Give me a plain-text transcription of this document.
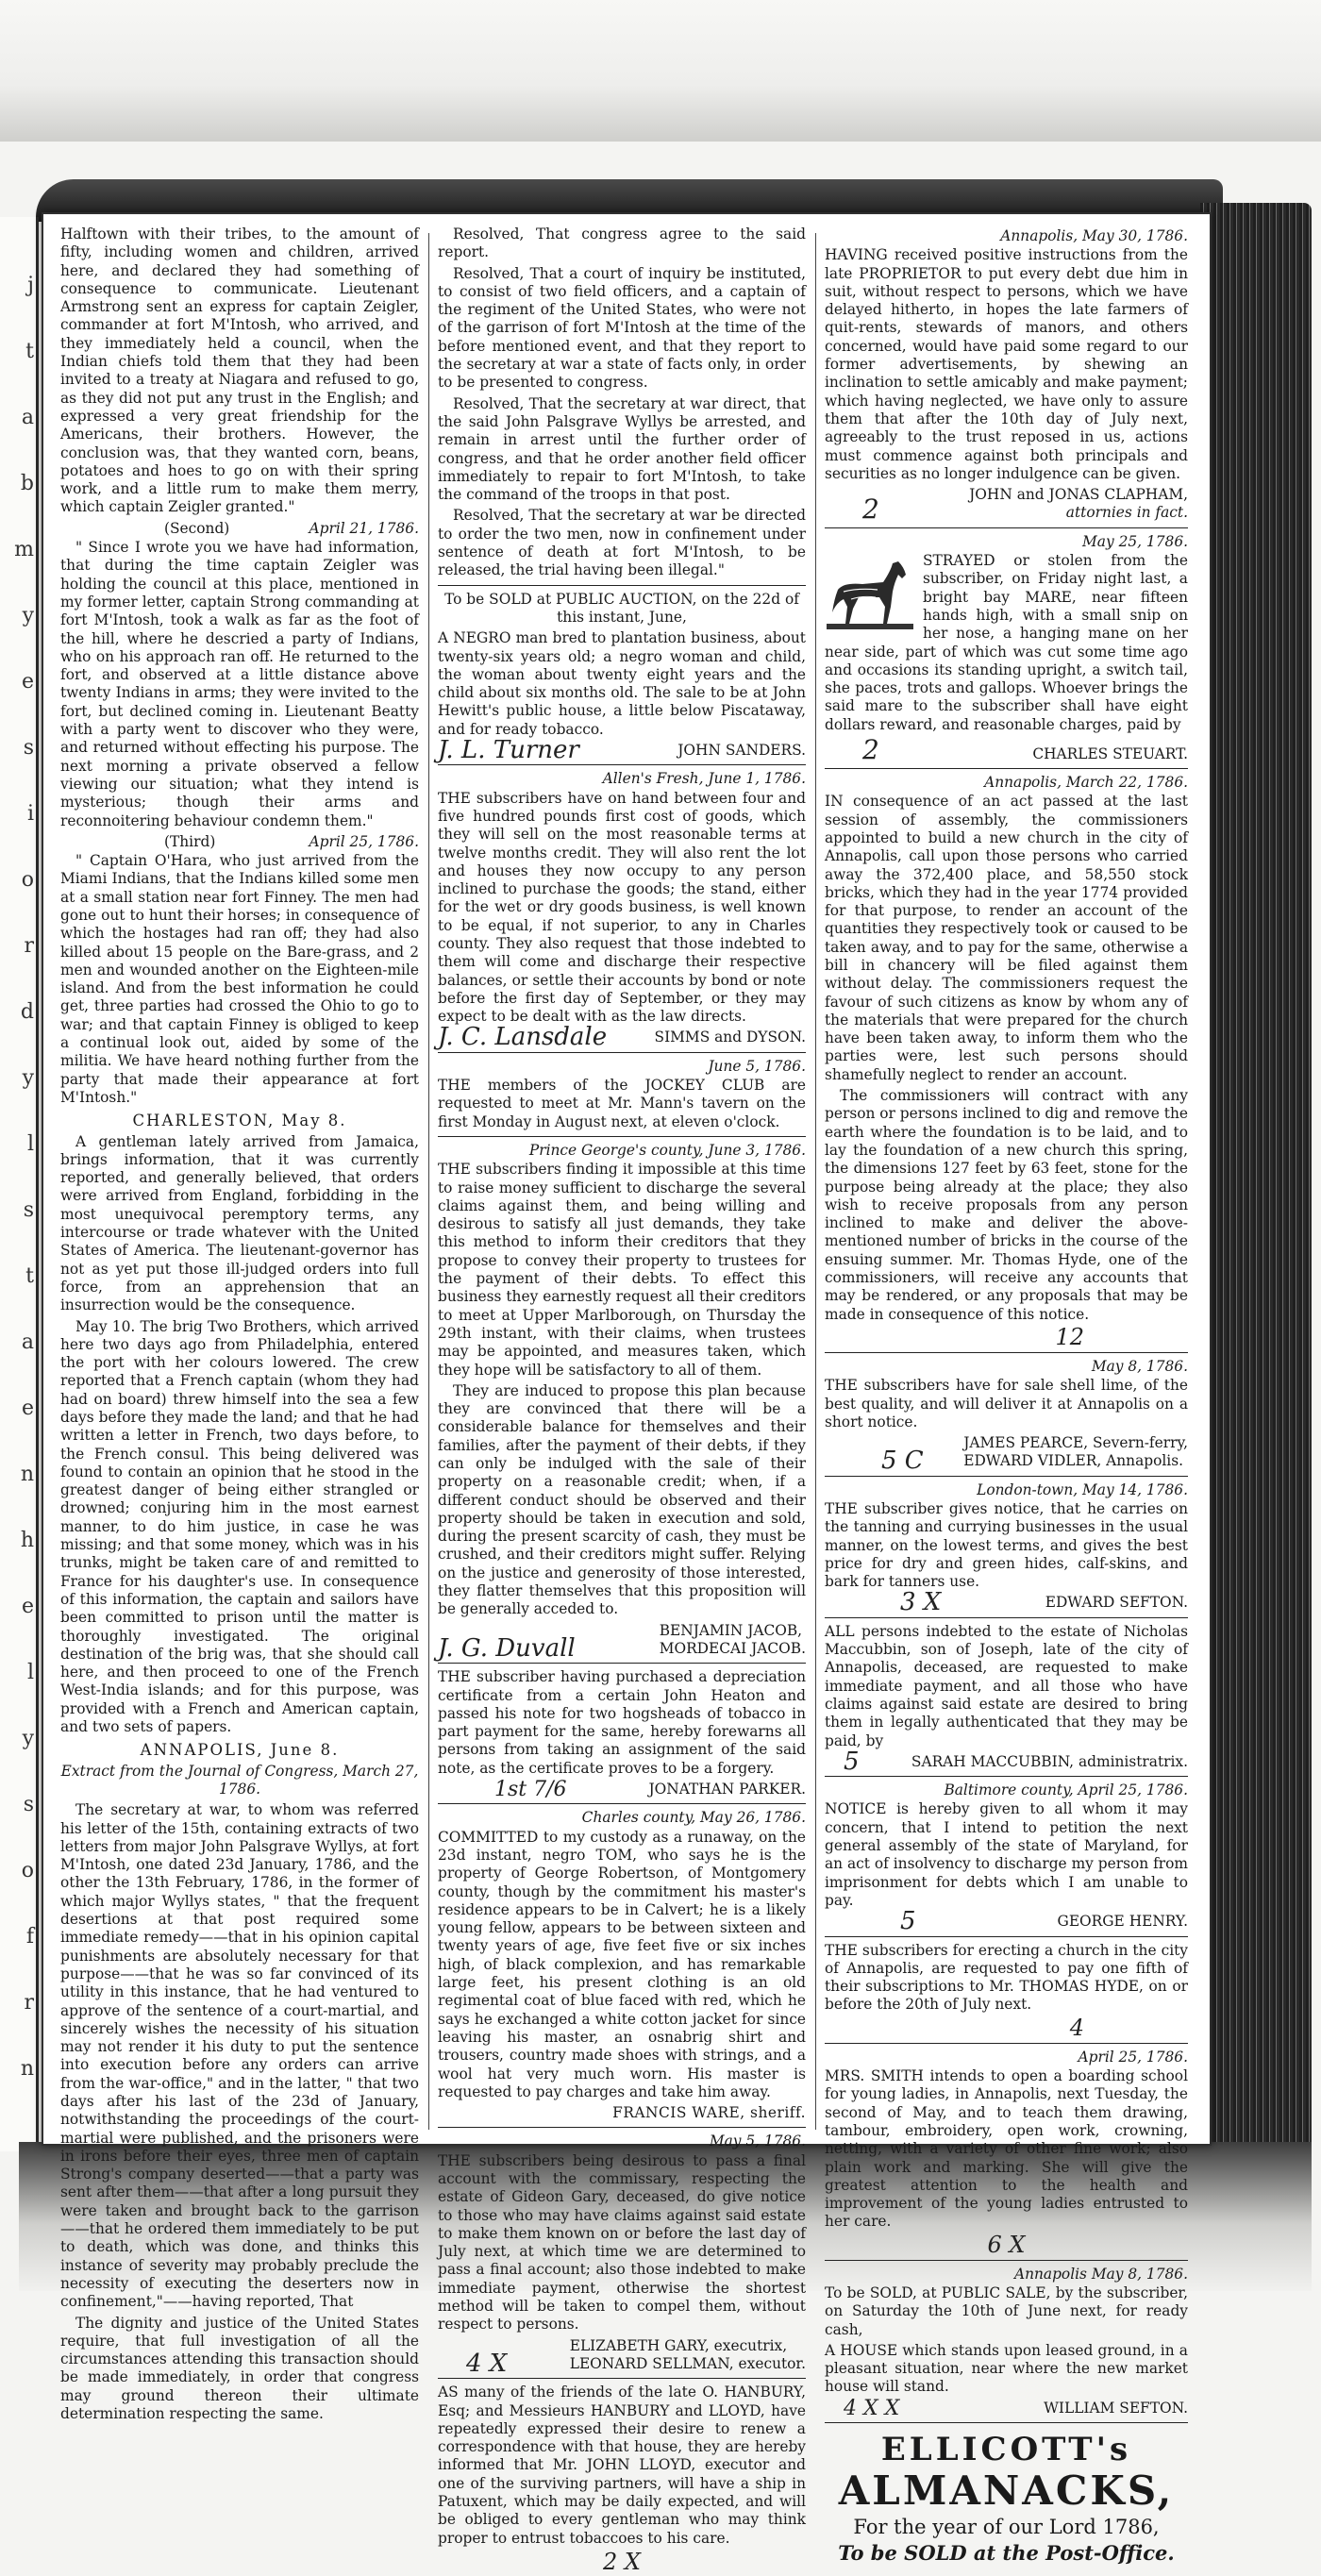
j
t
a
b
m
y
e
s
i
o
r
d
y
l
s
t
a
e
n
h
e
l
y
s
o
f
r
n

Halftown with their tribes, to the amount of fifty, including women and children, arrived here, and declared they had something of consequence to communicate. Lieutenant Armstrong sent an express for captain Zeigler, commander at fort M'Intosh, who arrived, and they immediately held a council, when the Indian chiefs told them that they had been invited to a treaty at Niagara and refused to go, as they did not put any trust in the English; and expressed a very great friendship for the Americans, their brothers. However, the conclusion was, that they wanted corn, beans, potatoes and hoes to go on with their spring work, and a little rum to make them merry, which captain Zeigler granted."

(Second)	April 21, 1786.

" Since I wrote you we have had information, that during the time captain Zeigler was holding the council at this place, mentioned in my former letter, captain Strong commanding at fort M'Intosh, took a walk as far as the foot of the hill, where he descried a party of Indians, who on his approach ran off. He returned to the fort, and observed at a little distance above twenty Indians in arms; they were invited to the fort, but declined coming in. Lieutenant Beatty with a party went to discover who they were, and returned without effecting his purpose. The next morning a private observed a fellow viewing our situation; what they intend is mysterious; though their arms and reconnoitering behaviour condemn them."

(Third)	April 25, 1786.

" Captain O'Hara, who just arrived from the Miami Indians, that the Indians killed some men at a small station near fort Finney. The men had gone out to hunt their horses; in consequence of which the hostages had ran off; they had also killed about 15 people on the Bare-grass, and 2 men and wounded another on the Eighteen-mile island. And from the best information he could get, three parties had crossed the Ohio to go to war; and that captain Finney is obliged to keep a continual look out, aided by some of the militia. We have heard nothing further from the party that made their appearance at fort M'Intosh."

CHARLESTON, May 8.

A gentleman lately arrived from Jamaica, brings information, that it was currently reported, and generally believed, that orders were arrived from England, forbidding in the most unequivocal peremptory terms, any intercourse or trade whatever with the United States of America. The lieutenant-governor has not as yet put those ill-judged orders into full force, from an apprehension that an insurrection would be the consequence.

May 10. The brig Two Brothers, which arrived here two days ago from Philadelphia, entered the port with her colours lowered. The crew reported that a French captain (whom they had had on board) threw himself into the sea a few days before they made the land; and that he had written a letter in French, two days before, to the French consul. This being delivered was found to contain an opinion that he stood in the greatest danger of being either strangled or drowned; conjuring him in the most earnest manner, to do him justice, in case he was missing; and that some money, which was in his trunks, might be taken care of and remitted to France for his daughter's use. In consequence of this information, the captain and sailors have been committed to prison until the matter is thoroughly investigated. The original destination of the brig was, that she should call here, and then proceed to one of the French West-India islands; and for this purpose, was provided with a French and American captain, and two sets of papers.

ANNAPOLIS, June 8.

Extract from the Journal of Congress, March 27, 1786.

The secretary at war, to whom was referred his letter of the 15th, containing extracts of two letters from major John Palsgrave Wyllys, at fort M'Intosh, one dated 23d January, 1786, and the other the 13th February, 1786, in the former of which major Wyllys states, " that the frequent desertions at that post required some immediate remedy——that in his opinion capital punishments are absolutely necessary for that purpose——that he was so far convinced of its utility in this instance, that he had ventured to approve of the sentence of a court-martial, and sincerely wishes the necessity of his situation may not render it his duty to put the sentence into execution before any orders can arrive from the war-office," and in the latter, " that two days after his last of the 23d of January, notwithstanding the proceedings of the court-martial were published, and the prisoners were in irons before their eyes, three men of captain Strong's company deserted——that a party was sent after them——that after a long pursuit they were taken and brought back to the garrison——that he ordered them immediately to be put to death, which was done, and thinks this instance of severity may probably preclude the necessity of executing the deserters now in confinement,"——having reported, That

The dignity and justice of the United States require, that full investigation of all the circumstances attending this transaction should be made immediately, in order that congress may ground thereon their ultimate determination respecting the same.

Resolved, That congress agree to the said report.

Resolved, That a court of inquiry be instituted, to consist of two field officers, and a captain of the regiment of the United States, who were not of the garrison of fort M'Intosh at the time of the before mentioned event, and that they report to the secretary at war a state of facts only, in order to be presented to congress.

Resolved, That the secretary at war direct, that the said John Palsgrave Wyllys be arrested, and remain in arrest until the further order of congress, and that he order another field officer immediately to repair to fort M'Intosh, to take the command of the troops in that post.

Resolved, That the secretary at war be directed to order the two men, now in confinement under sentence of death at fort M'Intosh, to be released, the trial having been illegal."

To be SOLD at PUBLIC AUCTION, on the 22d of this instant, June,

A NEGRO man bred to plantation business, about twenty-six years old; a negro woman and child, the woman about twenty eight years and the child about six months old. The sale to be at John Hewitt's public house, a little below Piscataway, and for ready tobacco.

J. L. Turner	JOHN SANDERS.

Allen's Fresh, June 1, 1786.

THE subscribers have on hand between four and five hundred pounds first cost of goods, which they will sell on the most reasonable terms at twelve months credit. They will also rent the lot and houses they now occupy to any person inclined to purchase the goods; the stand, either for the wet or dry goods business, is well known to be equal, if not superior, to any in Charles county. They also request that those indebted to them will come and discharge their respective balances, or settle their accounts by bond or note before the first day of September, or they may expect to be dealt with as the law directs.

J. C. Lansdale	SIMMS and DYSON.

June 5, 1786.

THE members of the JOCKEY CLUB are requested to meet at Mr. Mann's tavern on the first Monday in August next, at eleven o'clock.

Prince George's county, June 3, 1786.

THE subscribers finding it impossible at this time to raise money sufficient to discharge the several claims against them, and being willing and desirous to satisfy all just demands, they take this method to inform their creditors that they propose to convey their property to trustees for the payment of their debts. To effect this business they earnestly request all their creditors to meet at Upper Marlborough, on Thursday the 29th instant, with their claims, when trustees may be appointed, and measures taken, which they hope will be satisfactory to all of them.

They are induced to propose this plan because they are convinced that there will be a considerable balance for themselves and their families, after the payment of their debts, if they can only be indulged with the sale of their property on a reasonable credit; when, if a different conduct should be observed and their property should be taken in execution and sold, during the present scarcity of cash, they must be crushed, and their creditors might suffer. Relying on the justice and generosity of those interested, they flatter themselves that this proposition will be generally acceded to.

J. G. Duvall
BENJAMIN JACOB,
MORDECAI JACOB.

THE subscriber having purchased a depreciation certificate from a certain John Heaton and passed his note for two hogsheads of tobacco in part payment for the same, hereby forewarns all persons from taking an assignment of the said note, as the certificate proves to be a forgery.

1st 7/6	JONATHAN PARKER.

Charles county, May 26, 1786.

COMMITTED to my custody as a runaway, on the 23d instant, negro TOM, who says he is the property of George Robertson, of Montgomery county, though by the commitment his master's residence appears to be in Calvert; he is a likely young fellow, appears to be between sixteen and twenty years of age, five feet five or six inches high, of black complexion, and has remarkable large feet, his present clothing is an old regimental coat of blue faced with red, which he says he exchanged a white cotton jacket for since leaving his master, an osnabrig shirt and trousers, country made shoes with strings, and a wool hat very much worn. His master is requested to pay charges and take him away.

FRANCIS WARE, sheriff.

May 5, 1786.

THE subscribers being desirous to pass a final account with the commissary, respecting the estate of Gideon Gary, deceased, do give notice to those who may have claims against said estate to make them known on or before the last day of July next, at which time we are determined to pass a final account; also those indebted to make immediate payment, otherwise the shortest method will be taken to compel them, without respect to persons.

4 X
ELIZABETH GARY, executrix,
LEONARD SELLMAN, executor.

AS many of the friends of the late O. HANBURY, Esq; and Messieurs HANBURY and LLOYD, have repeatedly expressed their desire to renew a correspondence with that house, they are hereby informed that Mr. JOHN LLOYD, executor and one of the surviving partners, will have a ship in Patuxent, which may be daily expected, and will be obliged to every gentleman who may think proper to entrust tobaccoes to his care.

2 X

Annapolis, May 30, 1786.

HAVING received positive instructions from the late PROPRIETOR to put every debt due him in suit, without respect to persons, which we have delayed hitherto, in hopes the late farmers of quit-rents, stewards of manors, and others concerned, would have paid some regard to our former advertisements, by shewing an inclination to settle amicably and make payment; which having neglected, we have only to assure them that after the 10th day of July next, agreeably to the trust reposed in us, actions must commence against both principals and securities as no longer indulgence can be given.

2	JOHN and JONAS CLAPHAM,
attornies in fact.

May 25, 1786.

STRAYED or stolen from the subscriber, on Friday night last, a bright bay MARE, near fifteen hands high, with a small snip on her nose, a hanging mane on her near side, part of which was cut some time ago and occasions its standing upright, a switch tail, she paces, trots and gallops. Whoever brings the said mare to the subscriber shall have eight dollars reward, and reasonable charges, paid by

2	CHARLES STEUART.

Annapolis, March 22, 1786.

IN consequence of an act passed at the last session of assembly, the commissioners appointed to build a new church in the city of Annapolis, call upon those persons who carried away the 372,400 place, and 58,550 stock bricks, which they had in the year 1774 provided for that purpose, to render an account of the quantities they respectively took or caused to be taken away, and to pay for the same, otherwise a bill in chancery will be filed against them without delay. The commissioners request the favour of such citizens as know by whom any of the materials that were prepared for the church have been taken away, to inform them who the parties were, lest such persons should shamefully neglect to render an account.

The commissioners will contract with any person or persons inclined to dig and remove the earth where the foundation is to be laid, and to lay the foundation of a new church this spring, the dimensions 127 feet by 63 feet, stone for the purpose being already at the place; they also wish to receive proposals from any person inclined to make and deliver the above-mentioned number of bricks in the course of the ensuing summer. Mr. Thomas Hyde, one of the commissioners, will receive any accounts that may be rendered, or any proposals that may be made in consequence of this notice.

12

May 8, 1786.

THE subscribers have for sale shell lime, of the best quality, and will deliver it at Annapolis on a short notice.

5 C
JAMES PEARCE, Severn-ferry,
EDWARD VIDLER, Annapolis.

London-town, May 14, 1786.

THE subscriber gives notice, that he carries on the tanning and currying businesses in the usual manner, on the lowest terms, and gives the best price for dry and green hides, calf-skins, and bark for tanners use.

3 X	EDWARD SEFTON.

ALL persons indebted to the estate of Nicholas Maccubbin, son of Joseph, late of the city of Annapolis, deceased, are requested to make immediate payment, and all those who have claims against said estate are desired to bring them in legally authenticated that they may be paid, by

5	SARAH MACCUBBIN, administratrix.

Baltimore county, April 25, 1786.

NOTICE is hereby given to all whom it may concern, that I intend to petition the next general assembly of the state of Maryland, for an act of insolvency to discharge my person from imprisonment for debts which I am unable to pay.

5	GEORGE HENRY.

THE subscribers for erecting a church in the city of Annapolis, are requested to pay one fifth of their subscriptions to Mr. THOMAS HYDE, on or before the 20th of July next.

4

April 25, 1786.

MRS. SMITH intends to open a boarding school for young ladies, in Annapolis, next Tuesday, the second of May, and to teach them drawing, tambour, embroidery, open work, crowning, netting, with a variety of other fine work; also plain work and marking. She will give the greatest attention to the health and improvement of the young ladies entrusted to her care.

6 X

Annapolis May 8, 1786.

To be SOLD, at PUBLIC SALE, by the subscriber, on Saturday the 10th of June next, for ready cash,

A HOUSE which stands upon leased ground, in a pleasant situation, near where the new market house will stand.

4 X X	WILLIAM SEFTON.

ELLICOTT's

ALMANACKS,

For the year of our Lord 1786,

To be SOLD at the Post-Office.
